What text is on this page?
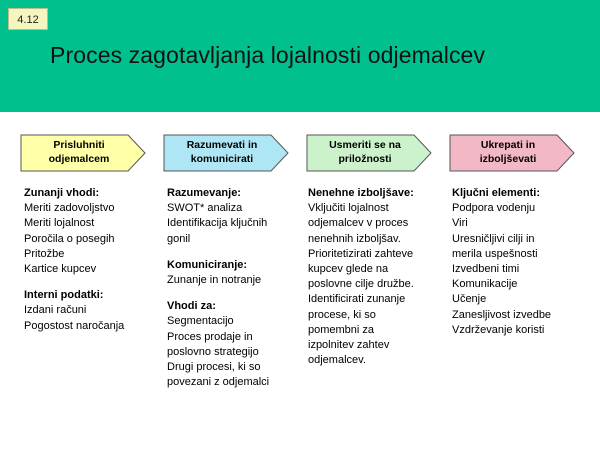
4.12
Proces zagotavljanja lojalnosti odjemalcev
Prisluhniti
odjemalcem
Razumevati in
komunicirati
Usmeriti se na
priložnosti
Ukrepati in
izboljševati
Zunanji vhodi:
Meriti zadovoljstvo
Meriti lojalnost
Poročila o posegih
Pritožbe
Kartice kupcev
Interni podatki:
Izdani računi
Pogostost naročanja
Razumevanje:
SWOT* analiza
Identifikacija ključnih
gonil
Komuniciranje:
Zunanje in notranje
Vhodi za:
Segmentacijo
Proces prodaje in
poslovno strategijo
Drugi procesi, ki so
povezani z odjemalci
Nenehne izboljšave:
Vključiti lojalnost
odjemalcev v proces
nenehnih izboljšav.
Prioritetizirati zahteve
kupcev glede na
poslovne cilje družbe.
Identificirati zunanje
procese, ki so
pomembni za
izpolnitev zahtev
odjemalcev.
Ključni elementi:
Podpora vodenju
Viri
Uresničljivi cilji in
merila uspešnosti
Izvedbeni timi
Komunikacije
Učenje
Zanesljivost izvedbe
Vzdrževanje koristi
